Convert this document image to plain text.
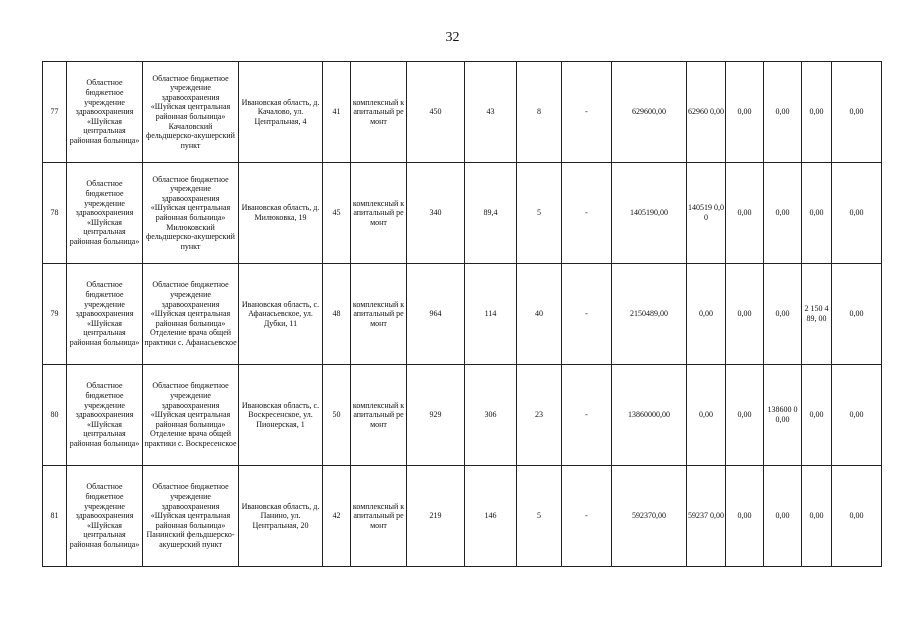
32
77	Областное бюджетное учреждение здравоохранения «Шуйская центральная районная больница»	Областное бюджетное учреждение здравоохранения «Шуйская центральная районная больница» Качаловский фельдшерско-акушерский пункт	Ивановская область, д. Качалово, ул. Центральная, 4	41	комплексный капитальный ремонт	450	43	8	-	629600,00	62960 0,00	0,00	0,00	0,00	0,00
78	Областное бюджетное учреждение здравоохранения «Шуйская центральная районная больница»	Областное бюджетное учреждение здравоохранения «Шуйская центральная районная больница» Милюковский фельдшерско-акушерский пункт	Ивановская область, д. Милюковка, 19	45	комплексный капитальный ремонт	340	89,4	5	-	1405190,00	140519 0,00	0,00	0,00	0,00	0,00
79	Областное бюджетное учреждение здравоохранения «Шуйская центральная районная больница»	Областное бюджетное учреждение здравоохранения «Шуйская центральная районная больница» Отделение врача общей практики с. Афанасьевское	Ивановская область, с. Афанасьевское, ул. Дубки, 11	48	комплексный капитальный ремонт	964	114	40	-	2150489,00	0,00	0,00	0,00	2 150 489, 00	0,00
80	Областное бюджетное учреждение здравоохранения «Шуйская центральная районная больница»	Областное бюджетное учреждение здравоохранения «Шуйская центральная районная больница» Отделение врача общей практики с. Воскресенское	Ивановская область, с. Воскресенское, ул. Пионерская, 1	50	комплексный капитальный ремонт	929	306	23	-	13860000,00	0,00	0,00	138600 00,00	0,00	0,00
81	Областное бюджетное учреждение здравоохранения «Шуйская центральная районная больница»	Областное бюджетное учреждение здравоохранения «Шуйская центральная районная больница» Панинский фельдшерско-акушерский пункт	Ивановская область, д. Панино, ул. Центральная, 20	42	комплексный капитальный ремонт	219	146	5	-	592370,00	59237 0,00	0,00	0,00	0,00	0,00
